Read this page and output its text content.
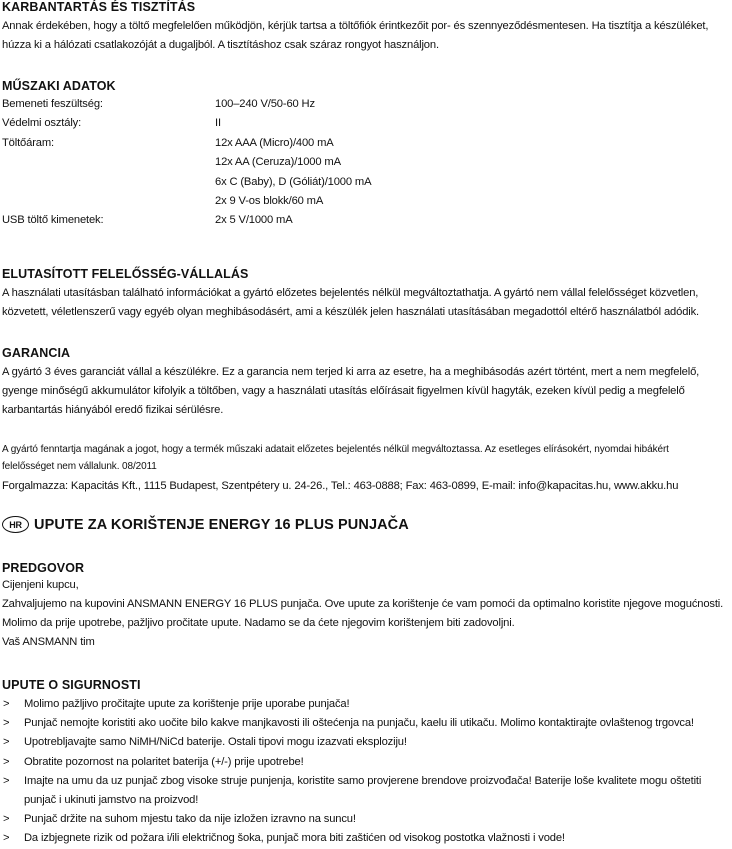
KARBANTARTÁS ÉS TISZTÍTÁS
Annak érdekében, hogy a töltő megfelelően működjön, kérjük tartsa a töltőfiók érintkezőit por- és szennyeződésmentesen. Ha tisztítja a készüléket, húzza ki a hálózati csatlakozóját a dugaljból. A tisztításhoz csak száraz rongyot használjon.
MŰSZAKI ADATOK
Bemeneti feszültség:	100–240 V/50-60 Hz
Védelmi osztály:	II
Töltőáram:	12x AAA (Micro)/400 mA
12x AA (Ceruza)/1000 mA
6x C (Baby), D (Góliát)/1000 mA
2x 9 V-os blokk/60 mA
USB töltő kimenetek:	2x 5 V/1000 mA
ELUTASÍTOTT FELELŐSSÉG-VÁLLALÁS
A használati utasításban található információkat a gyártó előzetes bejelentés nélkül megváltoztathatja. A gyártó nem vállal felelősséget közvetlen, közvetett, véletlenszerű vagy egyéb olyan meghibásodásért, ami a készülék jelen használati utasításában megadottól eltérő használatból adódik.
GARANCIA
A gyártó 3 éves garanciát vállal a készülékre. Ez a garancia nem terjed ki arra az esetre, ha a meghibásodás azért történt, mert a nem megfelelő, gyenge minőségű akkumulátor kifolyik a töltőben, vagy a használati utasítás előírásait figyelmen kívül hagyták, ezeken kívül pedig a megfelelő karbantartás hiányából eredő fizikai sérülésre.
A gyártó fenntartja magának a jogot, hogy a termék műszaki adatait előzetes bejelentés nélkül megváltoztassa. Az esetleges elírásokért, nyomdai hibákért felelősséget nem vállalunk. 08/2011
Forgalmazza: Kapacitás Kft., 1115 Budapest, Szentpétery u. 24-26., Tel.: 463-0888; Fax: 463-0899, E-mail: info@kapacitas.hu, www.akku.hu
HR UPUTE ZA KORIŠTENJE ENERGY 16 PLUS PUNJAČA
PREDGOVOR
Cijenjeni kupcu,
Zahvaljujemo na kupovini ANSMANN ENERGY 16 PLUS punjača. Ove upute za korištenje će vam pomoći da optimalno koristite njegove mogućnosti. Molimo da prije upotrebe, pažljivo pročitate upute. Nadamo se da ćete njegovim korištenjem biti zadovoljni.
Vaš ANSMANN tim
UPUTE O SIGURNOSTI
> Molimo pažljivo pročitajte upute za korištenje prije uporabe punjača!
> Punjač nemojte koristiti ako uočite bilo kakve manjkavosti ili oštećenja na punjaču, kaelu ili utikaču. Molimo kontaktirajte ovlaštenog trgovca!
> Upotrebljavajte samo NiMH/NiCd baterije. Ostali tipovi mogu izazvati eksploziju!
> Obratite pozornost na polaritet baterija (+/-) prije upotrebe!
> Imajte na umu da uz punjač zbog visoke struje punjenja, koristite samo provjerene brendove proizvođača! Baterije loše kvalitete mogu oštetiti punjač i ukinuti jamstvo na proizvod!
> Punjač držite na suhom mjestu tako da nije izložen izravno na suncu!
> Da izbjegnete rizik od požara i/ili električnog šoka, punjač mora biti zaštićen od visokog postotka vlažnosti i vode!
